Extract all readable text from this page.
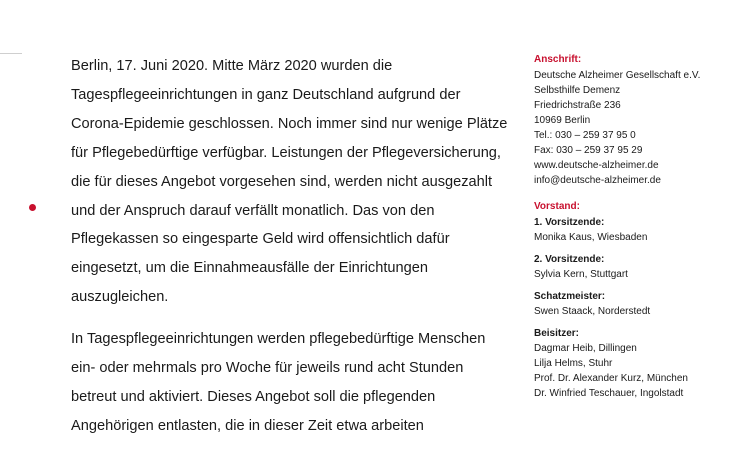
Berlin, 17. Juni 2020. Mitte März 2020 wurden die

Tagespflegeeinrichtungen in ganz Deutschland aufgrund der

Corona-Epidemie geschlossen. Noch immer sind nur wenige Plätze

für Pflegebedürftige verfügbar. Leistungen der Pflegeversicherung,

die für dieses Angebot vorgesehen sind, werden nicht ausgezahlt

und der Anspruch darauf verfällt monatlich. Das von den

Pflegekassen so eingesparte Geld wird offensichtlich dafür

eingesetzt, um die Einnahmeausfälle der Einrichtungen

auszugleichen.

In Tagespflegeeinrichtungen werden pflegebedürftige Menschen

ein- oder mehrmals pro Woche für jeweils rund acht Stunden

betreut und aktiviert. Dieses Angebot soll die pflegenden

Angehörigen entlasten, die in dieser Zeit etwa arbeiten

Anschrift:

Deutsche Alzheimer Gesellschaft e.V.

Selbsthilfe Demenz

Friedrichstraße 236

10969 Berlin

Tel.: 030 – 259 37 95 0

Fax: 030 – 259 37 95 29

www.deutsche-alzheimer.de

info@deutsche-alzheimer.de

Vorstand:

1. Vorsitzende:

Monika Kaus, Wiesbaden

2. Vorsitzende:

Sylvia Kern, Stuttgart

Schatzmeister:

Swen Staack, Norderstedt

Beisitzer:

Dagmar Heib, Dillingen

Lilja Helms, Stuhr

Prof. Dr. Alexander Kurz, München

Dr. Winfried Teschauer, Ingolstadt
